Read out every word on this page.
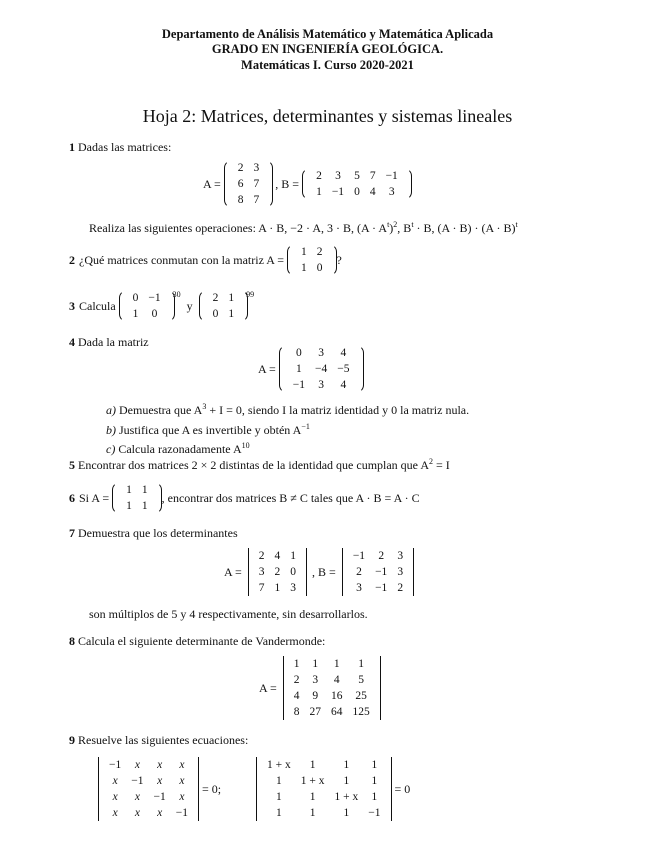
Departamento de Análisis Matemático y Matemática Aplicada
GRADO EN INGENIERÍA GEOLÓGICA.
Matemáticas I. Curso 2020-2021
Hoja 2: Matrices, determinantes y sistemas lineales
1 Dadas las matrices:
A =
2	3
6	7
8	7
, B =
2	3	5	7	−1
1	−1	0	4	3
Realiza las siguientes operaciones: A · B, −2 · A, 3 · B, $(A \cdot A^t)^2$, $B^t \cdot B$, $(A \cdot B) \cdot (A \cdot B)^t$
2 ¿Qué matrices conmutan con la matriz A =
1	2
1	0
?
3 Calcula
0	−1
1	0
30
y
2	1
0	1
99
4 Dada la matriz
A =
0	3	4
1	−4	−5
−1	3	4
a) Demuestra que $A^3 + I = 0$, siendo I la matriz identidad y 0 la matriz nula.
b) Justifica que A es invertible y obtén $A^{-1}$
c) Calcula razonadamente $A^{10}$
5 Encontrar dos matrices 2 × 2 distintas de la identidad que cumplan que $A^2 = I$
6 Si A =
1	1
1	1
, encontrar dos matrices B ≠ C tales que A · B = A · C
7 Demuestra que los determinantes
A =
2	4	1
3	2	0
7	1	3
, B =
−1	2	3
2	−1	3
3	−1	2
son múltiplos de 5 y 4 respectivamente, sin desarrollarlos.
8 Calcula el siguiente determinante de Vandermonde:
A =
1	1	1	1
2	3	4	5
4	9	16	25
8	27	64	125
9 Resuelve las siguientes ecuaciones:
−1	x	x	x
x	−1	x	x
x	x	−1	x
x	x	x	−1
= 0;
1 + x	1	1	1
1	1 + x	1	1
1	1	1 + x	1
1	1	1	−1
= 0
